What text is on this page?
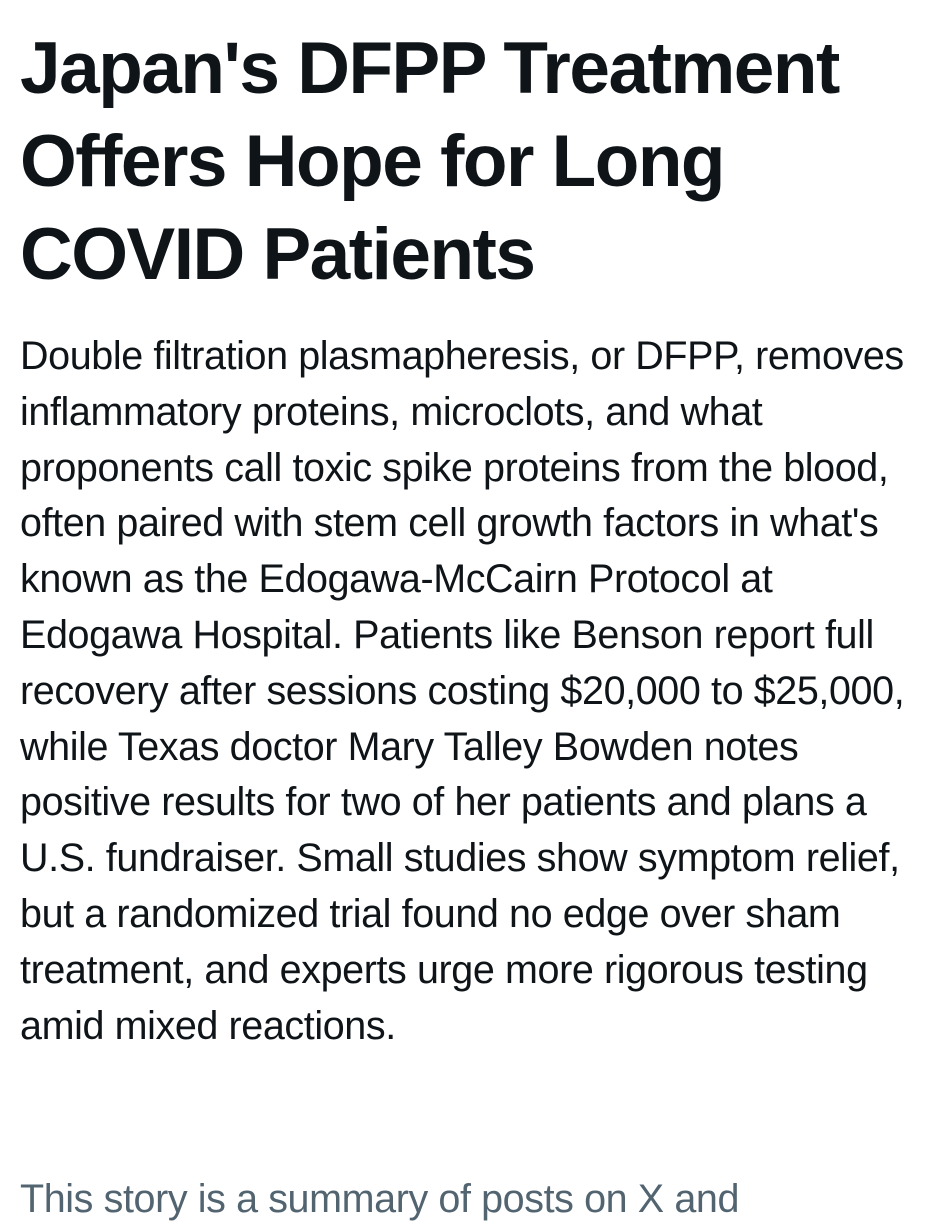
Japan's DFPP Treatment Offers Hope for Long COVID Patients

Double filtration plasmapheresis, or DFPP, removes inflammatory proteins, microclots, and what proponents call toxic spike proteins from the blood, often paired with stem cell growth factors in what's known as the Edogawa-McCairn Protocol at Edogawa Hospital. Patients like Benson report full recovery after sessions costing $20,000 to $25,000, while Texas doctor Mary Talley Bowden notes positive results for two of her patients and plans a U.S. fundraiser. Small studies show symptom relief, but a randomized trial found no edge over sham treatment, and experts urge more rigorous testing amid mixed reactions.

This story is a summary of posts on X and
